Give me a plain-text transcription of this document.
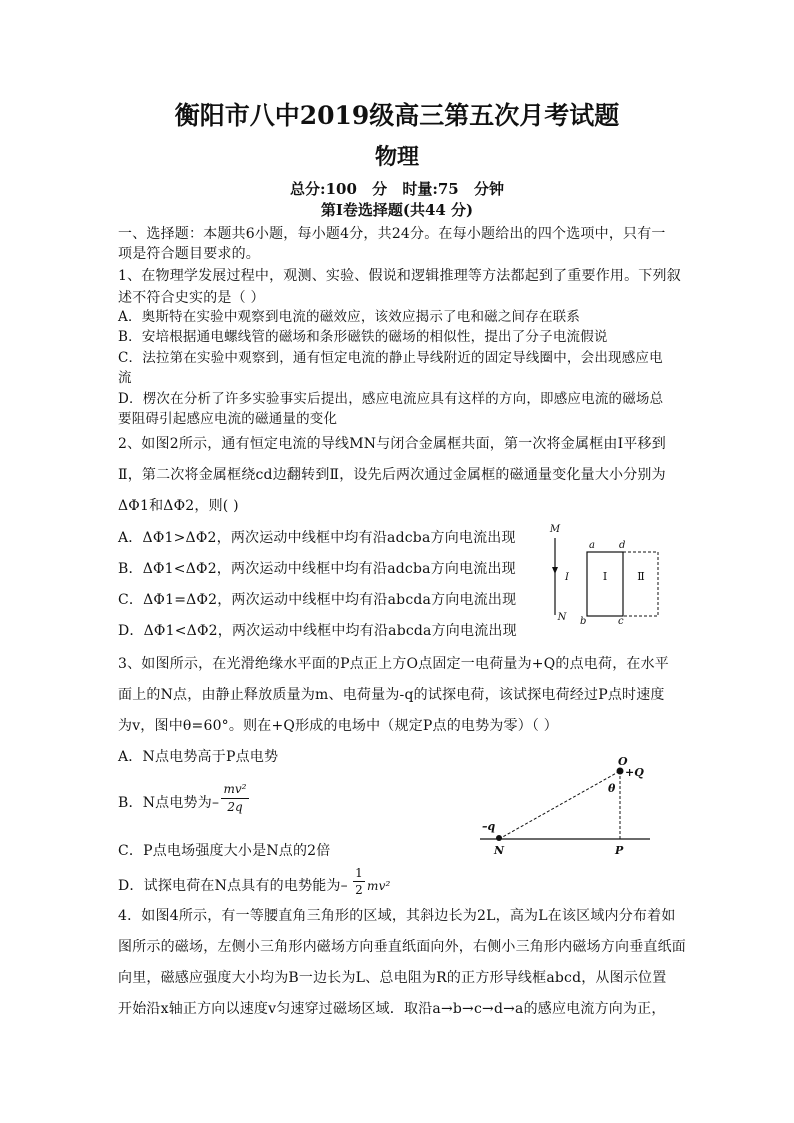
衡阳市八中2019级高三第五次月考试题
物理
总分:100 分 时量:75 分钟
第Ⅰ卷选择题(共44 分)
一、选择题：本题共6小题，每小题4分，共24分。在每小题给出的四个选项中，只有一
项是符合题目要求的。
1、在物理学发展过程中，观测、实验、假说和逻辑推理等方法都起到了重要作用。下列叙
述不符合史实的是（ ）
A．奥斯特在实验中观察到电流的磁效应，该效应揭示了电和磁之间存在联系
B．安培根据通电螺线管的磁场和条形磁铁的磁场的相似性，提出了分子电流假说
C．法拉第在实验中观察到，通有恒定电流的静止导线附近的固定导线圈中，会出现感应电
流
D．楞次在分析了许多实验事实后提出，感应电流应具有这样的方向，即感应电流的磁场总
要阻碍引起感应电流的磁通量的变化
2、如图2所示，通有恒定电流的导线MN与闭合金属框共面，第一次将金属框由Ⅰ平移到
Ⅱ，第二次将金属框绕cd边翻转到Ⅱ，设先后两次通过金属框的磁通量变化量大小分别为
ΔΦ1和ΔΦ2，则( )
A．ΔΦ1>ΔΦ2，两次运动中线框中均有沿adcba方向电流出现
B．ΔΦ1<ΔΦ2，两次运动中线框中均有沿adcba方向电流出现
C．ΔΦ1=ΔΦ2，两次运动中线框中均有沿abcda方向电流出现
D．ΔΦ1<ΔΦ2，两次运动中线框中均有沿abcda方向电流出现
M
I
N
a d
b	c
Ⅰ	Ⅱ
3、如图所示，在光滑绝缘水平面的P点正上方O点固定一电荷量为+Q的点电荷，在水平
面上的N点，由静止释放质量为m、电荷量为-q的试探电荷，该试探电荷经过P点时速度
为v，图中θ=60°。则在+Q形成的电场中（规定P点的电势为零）（ ）
A．N点电势高于P点电势
B．N点电势为–
mv²
2q
C．P点电场强度大小是N点的2倍
D．试探电荷在N点具有的电势能为–
1
2 mv²
O
+Q
θ
–q
N	P
4．如图4所示，有一等腰直角三角形的区域，其斜边长为2L，高为L在该区域内分布着如
图所示的磁场，左侧小三角形内磁场方向垂直纸面向外，右侧小三角形内磁场方向垂直纸面
向里，磁感应强度大小均为B一边长为L、总电阻为R的正方形导线框abcd，从图示位置
开始沿x轴正方向以速度v匀速穿过磁场区域．取沿a→b→c→d→a的感应电流方向为正，
